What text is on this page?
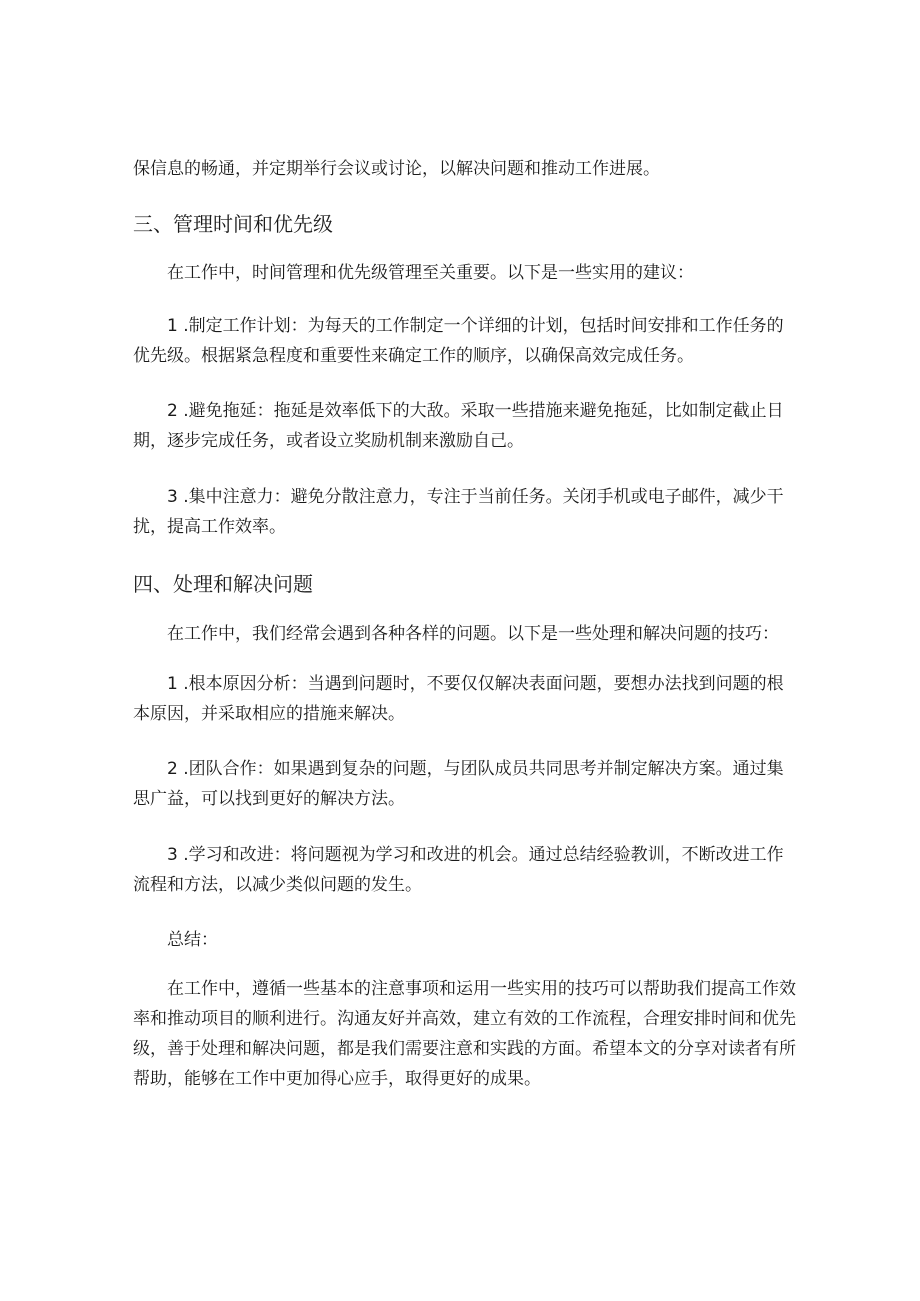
保信息的畅通，并定期举行会议或讨论，以解决问题和推动工作进展。

三、管理时间和优先级

在工作中，时间管理和优先级管理至关重要。以下是一些实用的建议：

1 .制定工作计划：为每天的工作制定一个详细的计划，包括时间安排和工作任务的
优先级。根据紧急程度和重要性来确定工作的顺序，以确保高效完成任务。

2 .避免拖延：拖延是效率低下的大敌。采取一些措施来避免拖延，比如制定截止日
期，逐步完成任务，或者设立奖励机制来激励自己。

3 .集中注意力：避免分散注意力，专注于当前任务。关闭手机或电子邮件，减少干
扰，提高工作效率。

四、处理和解决问题

在工作中，我们经常会遇到各种各样的问题。以下是一些处理和解决问题的技巧：

1 .根本原因分析：当遇到问题时，不要仅仅解决表面问题，要想办法找到问题的根
本原因，并采取相应的措施来解决。

2 .团队合作：如果遇到复杂的问题，与团队成员共同思考并制定解决方案。通过集
思广益，可以找到更好的解决方法。

3 .学习和改进：将问题视为学习和改进的机会。通过总结经验教训，不断改进工作
流程和方法，以减少类似问题的发生。

总结：

在工作中，遵循一些基本的注意事项和运用一些实用的技巧可以帮助我们提高工作效
率和推动项目的顺利进行。沟通友好并高效，建立有效的工作流程，合理安排时间和优先
级，善于处理和解决问题，都是我们需要注意和实践的方面。希望本文的分享对读者有所
帮助，能够在工作中更加得心应手，取得更好的成果。
